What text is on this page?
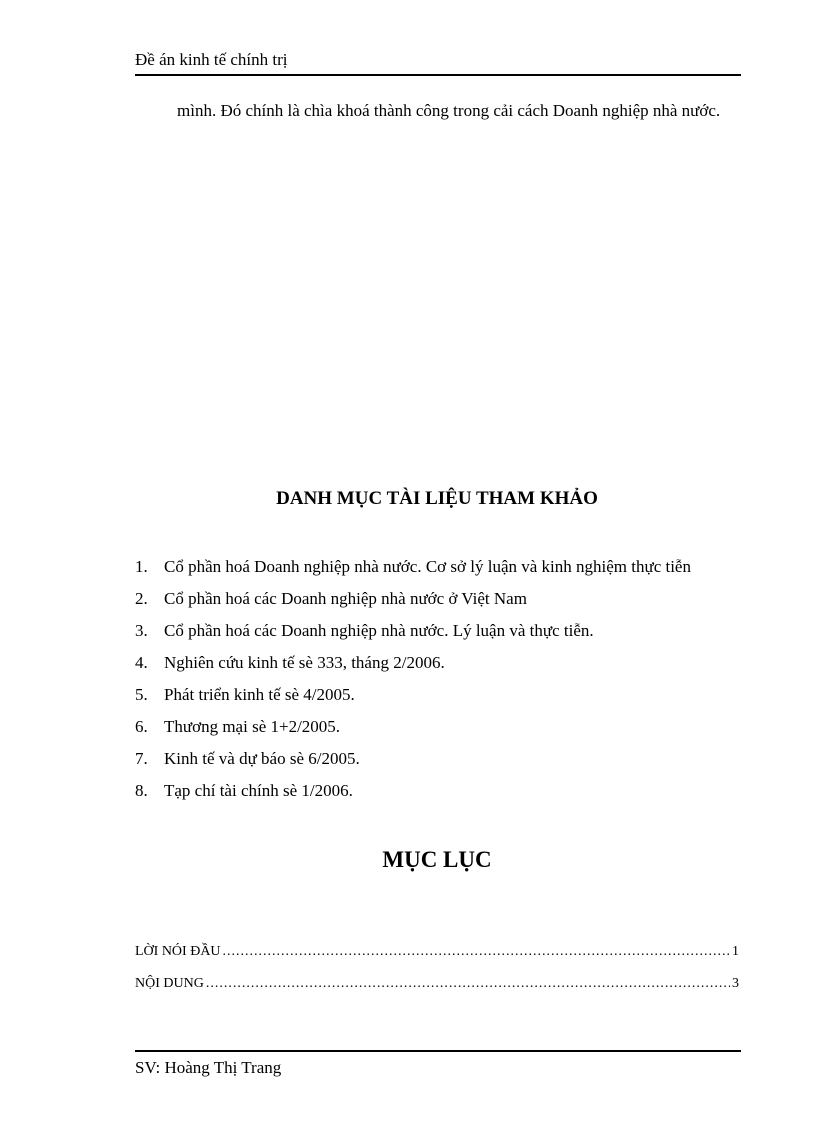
Đề án kinh tế chính trị

mình. Đó chính là chìa khoá thành công trong cải cách Doanh nghiệp nhà nước.

DANH MỤC TÀI LIỆU THAM KHẢO
1. Cổ phần hoá Doanh nghiệp nhà nước. Cơ sở lý luận và kinh nghiệm thực tiễn
2. Cổ phần hoá các Doanh nghiệp nhà nước ở Việt Nam
3. Cổ phần hoá các Doanh nghiệp nhà nước. Lý luận và thực tiễn.
4. Nghiên cứu kinh tế sè 333, tháng 2/2006.
5. Phát triển kinh tế sè 4/2005.
6. Thương mại sè 1+2/2005.
7. Kinh tế và dự báo sè 6/2005.
8. Tạp chí tài chính sè 1/2006.
MỤC LỤC
LỜI NÓI ĐẦU .....	1
NỘI DUNG .....	3
SV: Hoàng Thị Trang
